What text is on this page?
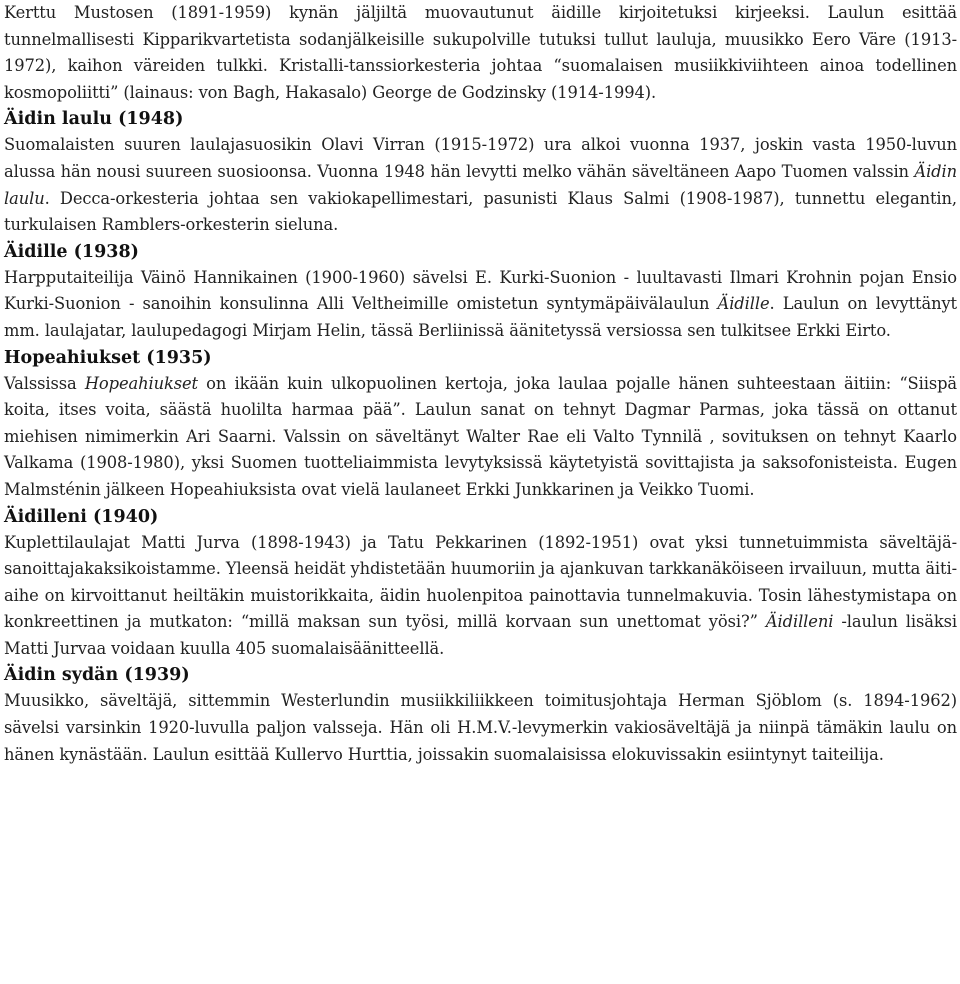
Kerttu Mustosen (1891-1959) kynän jäljiltä muovautunut äidille kirjoitetuksi kirjeeksi. Laulun esittää tunnelmallisesti Kipparikvartetista sodanjälkeisille sukupolville tutuksi tullut lauluja, muusikko Eero Väre (1913-1972), kaihon väreiden tulkki. Kristalli-tanssiorkesteria johtaa “suomalaisen musiikkiviihteen ainoa todellinen kosmopoliitti” (lainaus: von Bagh, Hakasalo) George de Godzinsky (1914-1994).

Äidin laulu (1948)

Suomalaisten suuren laulajasuosikin Olavi Virran (1915-1972) ura alkoi vuonna 1937, joskin vasta 1950-luvun alussa hän nousi suureen suosioonsa. Vuonna 1948 hän levytti melko vähän säveltäneen Aapo Tuomen valssin Äidin laulu. Decca-orkesteria johtaa sen vakiokapellimestari, pasunisti Klaus Salmi (1908-1987), tunnettu elegantin, turkulaisen Ramblers-orkesterin sieluna.

Äidille (1938)

Harpputaiteilija Väinö Hannikainen (1900-1960) sävelsi E. Kurki-Suonion - luultavasti Ilmari Krohnin pojan Ensio Kurki-Suonion - sanoihin konsulinna Alli Veltheimille omistetun syntymäpäivälaulun Äidille. Laulun on levyttänyt mm. laulajatar, laulupedagogi Mirjam Helin, tässä Berliinissä äänitetyssä versiossa sen tulkitsee Erkki Eirto.

Hopeahiukset (1935)

Valssissa Hopeahiukset on ikään kuin ulkopuolinen kertoja, joka laulaa pojalle hänen suhteestaan äitiin: “Siispä koita, itses voita, säästä huolilta harmaa pää”. Laulun sanat on tehnyt Dagmar Parmas, joka tässä on ottanut miehisen nimimerkin Ari Saarni. Valssin on säveltänyt Walter Rae eli Valto Tynnilä , sovituksen on tehnyt Kaarlo Valkama (1908-1980), yksi Suomen tuotteliaimmista levytyksissä käytetyistä sovittajista ja saksofonisteista. Eugen Malmsténin jälkeen Hopeahiuksista ovat vielä laulaneet Erkki Junkkarinen ja Veikko Tuomi.

Äidilleni (1940)

Kuplettilaulajat Matti Jurva (1898-1943) ja Tatu Pekkarinen (1892-1951) ovat yksi tunnetuimmista säveltäjä-sanoittajakaksikoistamme. Yleensä heidät yhdistetään huumoriin ja ajankuvan tarkkanäköiseen irvailuun, mutta äiti-aihe on kirvoittanut heiltäkin muistorikkaita, äidin huolenpitoa painottavia tunnelmakuvia. Tosin lähestymistapa on konkreettinen ja mutkaton: “millä maksan sun työsi, millä korvaan sun unettomat yösi?” Äidilleni -laulun lisäksi Matti Jurvaa voidaan kuulla 405 suomalaisäänitteellä.

Äidin sydän (1939)

Muusikko, säveltäjä, sittemmin Westerlundin musiikkiliikkeen toimitusjohtaja Herman Sjöblom (s. 1894-1962) sävelsi varsinkin 1920-luvulla paljon valsseja. Hän oli H.M.V.-levymerkin vakiosäveltäjä ja niinpä tämäkin laulu on hänen kynästään. Laulun esittää Kullervo Hurttia, joissakin suomalaisissa elokuvissakin esiintynyt taiteilija.
